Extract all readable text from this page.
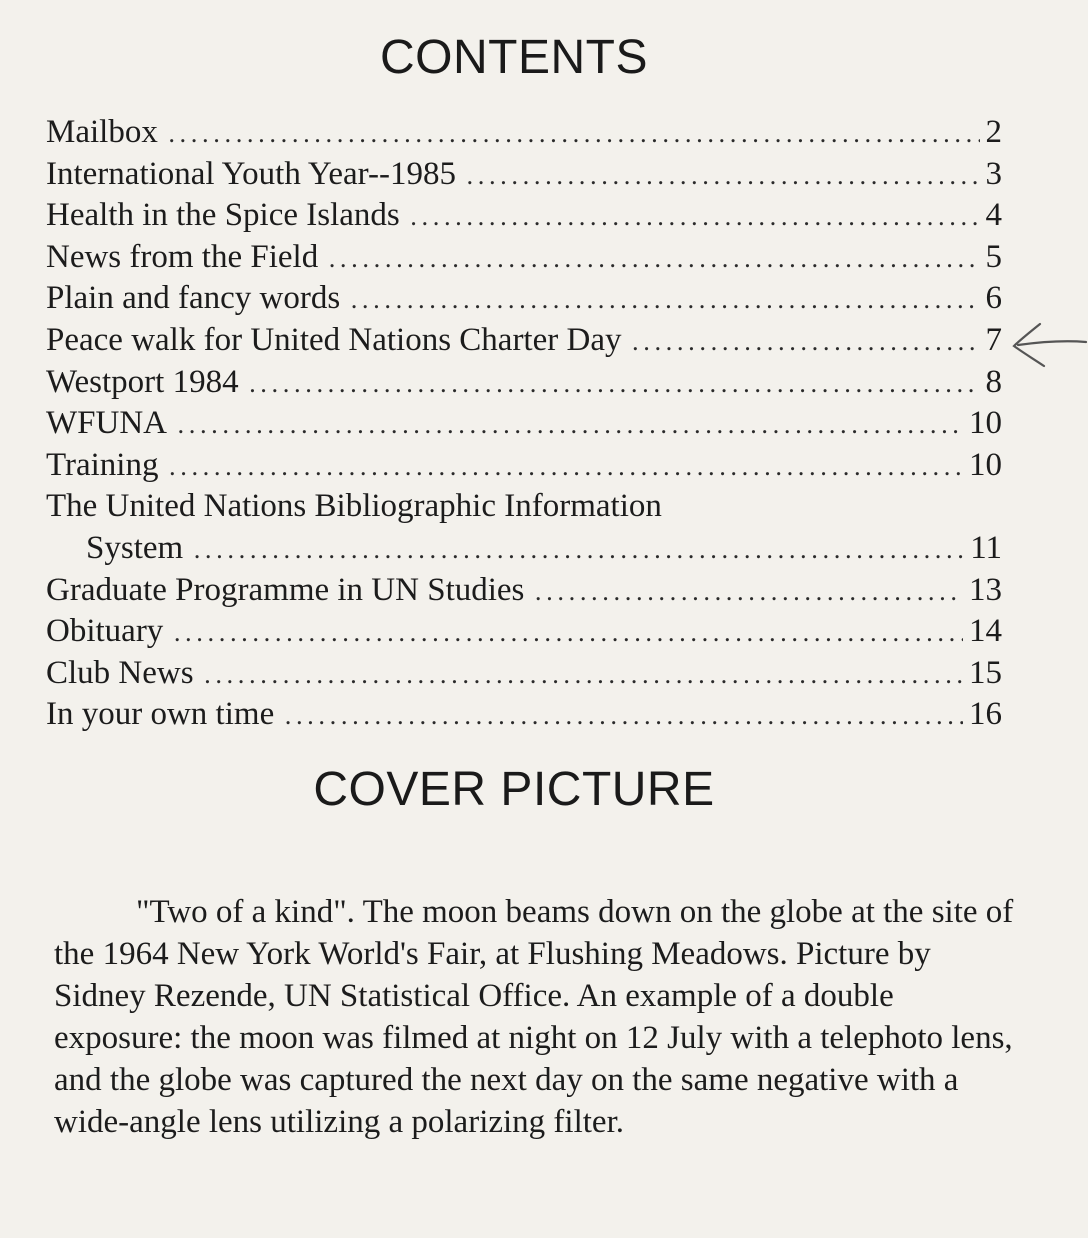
CONTENTS
Mailbox .....	2
International Youth Year--1985 .....	3
Health in the Spice Islands .....	4
News from the Field .....	5
Plain and fancy words .....	6
Peace walk for United Nations Charter Day .....	7
Westport 1984 .....	8
WFUNA .....	10
Training .....	10
The United Nations Bibliographic Information
System .....	11
Graduate Programme in UN Studies .....	13
Obituary .....	14
Club News .....	15
In your own time .....	16
COVER PICTURE

"Two of a kind". The moon beams down on the globe at the site of the 1964 New York World's Fair, at Flushing Meadows. Picture by Sidney Rezende, UN Statistical Office. An example of a double exposure: the moon was filmed at night on 12 July with a telephoto lens, and the globe was captured the next day on the same negative with a wide-angle lens utilizing a polarizing filter.
